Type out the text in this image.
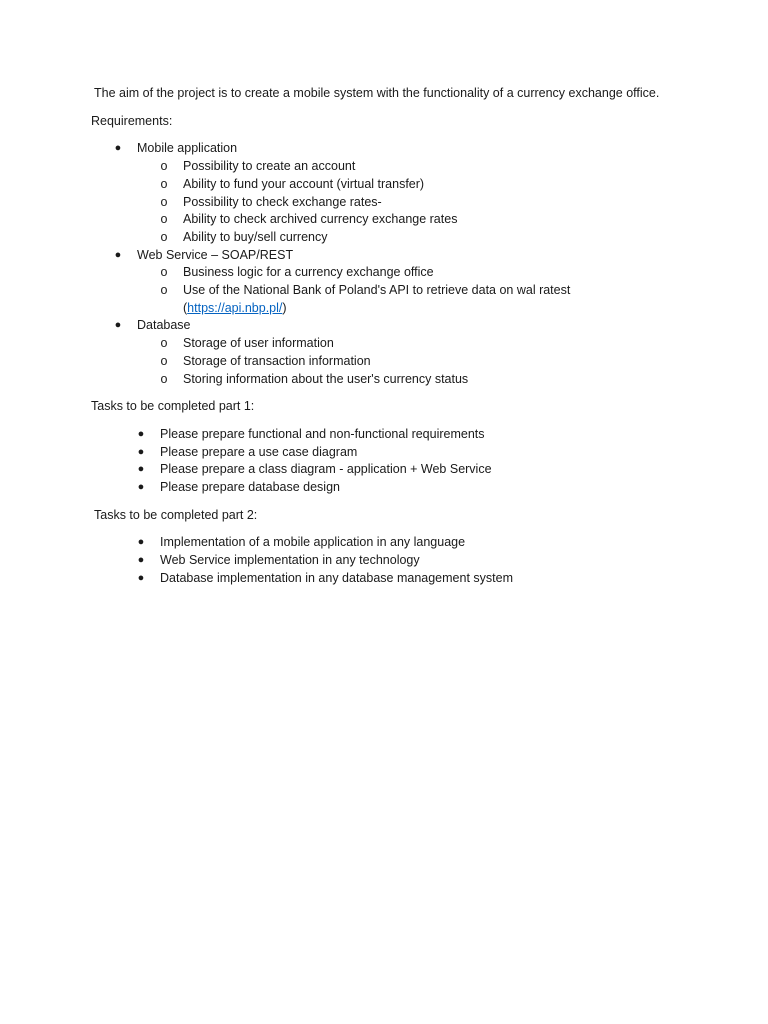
The aim of the project is to create a mobile system with the functionality of a currency exchange office.

Requirements:

● Mobile application
o Possibility to create an account
o Ability to fund your account (virtual transfer)
o Possibility to check exchange rates-
o Ability to check archived currency exchange rates
o Ability to buy/sell currency
● Web Service – SOAP/REST
o Business logic for a currency exchange office
o Use of the National Bank of Poland's API to retrieve data on wal ratest
(https://api.nbp.pl/)
● Database
o Storage of user information
o Storage of transaction information
o Storing information about the user's currency status

Tasks to be completed part 1:

● Please prepare functional and non-functional requirements
● Please prepare a use case diagram
● Please prepare a class diagram - application + Web Service
● Please prepare database design

Tasks to be completed part 2:

● Implementation of a mobile application in any language
● Web Service implementation in any technology
● Database implementation in any database management system
